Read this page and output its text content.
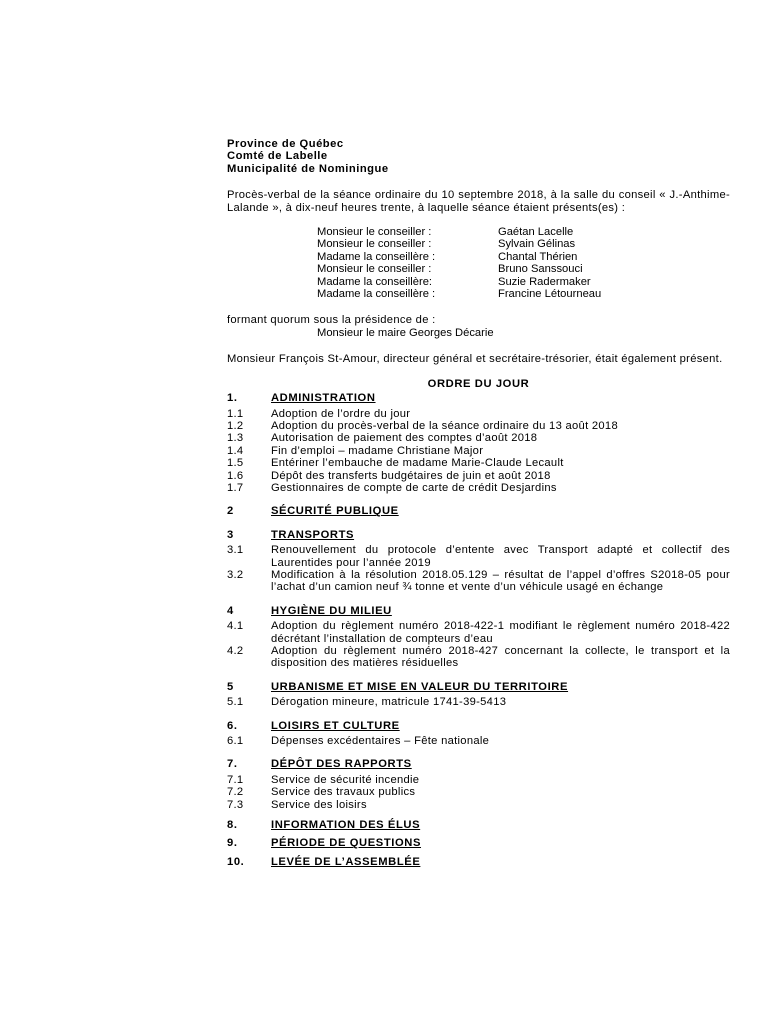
Province de Québec
Comté de Labelle
Municipalité de Nominingue
Procès-verbal de la séance ordinaire du 10 septembre 2018, à la salle du conseil « J.-Anthime-Lalande », à dix-neuf heures trente, à laquelle séance étaient présents(es) :
Monsieur le conseiller :	Gaétan Lacelle
Monsieur le conseiller :	Sylvain Gélinas
Madame la conseillère :	Chantal Thérien
Monsieur le conseiller :	Bruno Sanssouci
Madame la conseillère:	Suzie Radermaker
Madame la conseillère :	Francine Létourneau
formant quorum sous la présidence de :
Monsieur le maire Georges Décarie
Monsieur François St-Amour, directeur général et secrétaire-trésorier, était également présent.
ORDRE DU JOUR
1.	ADMINISTRATION
1.1	Adoption de l’ordre du jour
1.2	Adoption du procès-verbal de la séance ordinaire du 13 août 2018
1.3	Autorisation de paiement des comptes d’août 2018
1.4	Fin d’emploi – madame Christiane Major
1.5	Entériner l’embauche de madame Marie-Claude Lecault
1.6	Dépôt des transferts budgétaires de juin et août 2018
1.7	Gestionnaires de compte de carte de crédit Desjardins
2	SÉCURITÉ PUBLIQUE
3	TRANSPORTS
3.1	Renouvellement du protocole d’entente avec Transport adapté et collectif des Laurentides pour l’année 2019
3.2	Modification à la résolution 2018.05.129 – résultat de l’appel d’offres S2018-05 pour l’achat d’un camion neuf ¾ tonne et vente d’un véhicule usagé en échange
4	HYGIÈNE DU MILIEU
4.1	Adoption du règlement numéro 2018-422-1 modifiant le règlement numéro 2018-422 décrétant l’installation de compteurs d’eau
4.2	Adoption du règlement numéro 2018-427 concernant la collecte, le transport et la disposition des matières résiduelles
5	URBANISME ET MISE EN VALEUR DU TERRITOIRE
5.1	Dérogation mineure, matricule 1741-39-5413
6.	LOISIRS ET CULTURE
6.1	Dépenses excédentaires – Fête nationale
7.	DÉPÔT DES RAPPORTS
7.1	Service de sécurité incendie
7.2	Service des travaux publics
7.3	Service des loisirs
8.	INFORMATION DES ÉLUS
9.	PÉRIODE DE QUESTIONS
10.	LEVÉE DE L’ASSEMBLÉE
